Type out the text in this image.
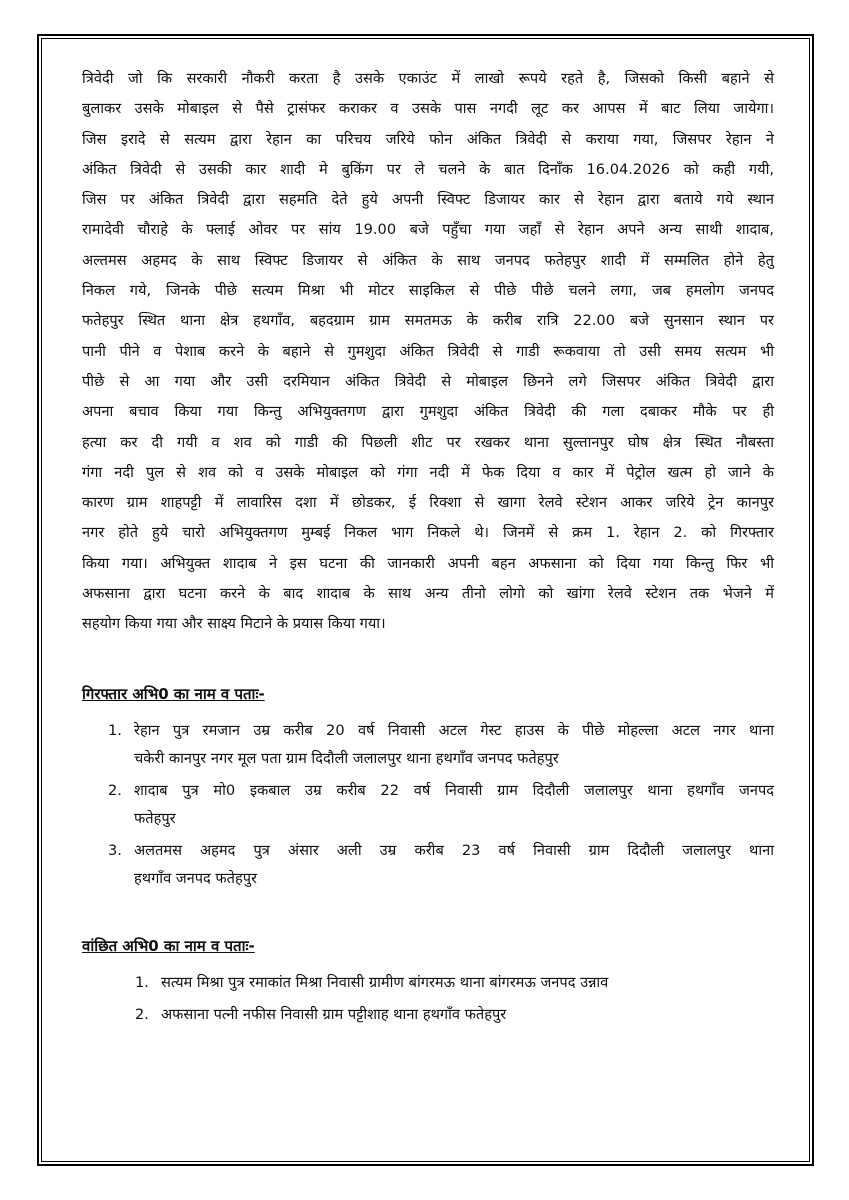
त्रिवेदी जो कि सरकारी नौकरी करता है उसके एकाउंट में लाखो रूपये रहते है, जिसको किसी बहाने से

बुलाकर उसके मोबाइल से पैसे ट्रासंफर कराकर व उसके पास नगदी लूट कर आपस में बाट लिया जायेगा।

जिस इरादे से सत्यम द्वारा रेहान का परिचय जरिये फोन अंकित त्रिवेदी से कराया गया, जिसपर रेहान ने

अंकित त्रिवेदी से उसकी कार शादी मे बुकिंग पर ले चलने के बात दिनाँक 16.04.2026 को कही गयी,

जिस पर अंकित त्रिवेदी द्वारा सहमति देते हुये अपनी स्विफ्ट डिजायर कार से रेहान द्वारा बताये गये स्थान

रामादेवी चौराहे के फ्लाई ओवर पर सांय 19.00 बजे पहुँचा गया जहाँ से रेहान अपने अन्य साथी शादाब,

अल्तमस अहमद के साथ स्विफ्ट डिजायर से अंकित के साथ जनपद फतेहपुर शादी में सम्मलित होने हेतु

निकल गये, जिनके पीछे सत्यम मिश्रा भी मोटर साइकिल से पीछे पीछे चलने लगा, जब हमलोग जनपद

फतेहपुर स्थित थाना क्षेत्र हथगाँव, बहदग्राम ग्राम समतमऊ के करीब रात्रि 22.00 बजे सुनसान स्थान पर

पानी पीने व पेशाब करने के बहाने से गुमशुदा अंकित त्रिवेदी से गाडी रूकवाया तो उसी समय सत्यम भी

पीछे से आ गया और उसी दरमियान अंकित त्रिवेदी से मोबाइल छिनने लगे जिसपर अंकित त्रिवेदी द्वारा

अपना बचाव किया गया किन्तु अभियुक्तगण द्वारा गुमशुदा अंकित त्रिवेदी की गला दबाकर मौके पर ही

हत्या कर दी गयी व शव को गाडी की पिछली शीट पर रखकर थाना सुल्तानपुर घोष क्षेत्र स्थित नौबस्ता

गंगा नदी पुल से शव को व उसके मोबाइल को गंगा नदी में फेक दिया व कार में पेट्रोल खत्म हो जाने के

कारण ग्राम शाहपट्टी में लावारिस दशा में छोडकर, ई रिक्शा से खागा रेलवे स्टेशन आकर जरिये ट्रेन कानपुर

नगर होते हुये चारो अभियुक्तगण मुम्बई निकल भाग निकले थे। जिनमें से क्रम 1. रेहान 2. को गिरफ्तार

किया गया। अभियुक्त शादाब ने इस घटना की जानकारी अपनी बहन अफसाना को दिया गया किन्तु फिर भी

अफसाना द्वारा घटना करने के बाद शादाब के साथ अन्य तीनो लोगो को खांगा रेलवे स्टेशन तक भेजने में

सहयोग किया गया और साक्ष्य मिटाने के प्रयास किया गया।

गिरफ्तार अभि0 का नाम व पताः-
1. रेहान पुत्र रमजान उम्र करीब 20 वर्ष निवासी अटल गेस्ट हाउस के पीछे मोहल्ला अटल नगर थाना

चकेरी कानपुर नगर मूल पता ग्राम दिदौली जलालपुर थाना हथगाँव जनपद फतेहपुर

2. शादाब पुत्र मो0 इकबाल उम्र करीब 22 वर्ष निवासी ग्राम दिदौली जलालपुर थाना हथगाँव जनपद

फतेहपुर

3. अलतमस अहमद पुत्र अंसार अली उम्र करीब 23 वर्ष निवासी ग्राम दिदौली जलालपुर थाना

हथगाँव जनपद फतेहपुर

वांछित अभि0 का नाम व पताः-
1. सत्यम मिश्रा पुत्र रमाकांत मिश्रा निवासी ग्रामीण बांगरमऊ थाना बांगरमऊ जनपद उन्नाव

2. अफसाना पत्नी नफीस निवासी ग्राम पट्टीशाह थाना हथगाँव फतेहपुर
